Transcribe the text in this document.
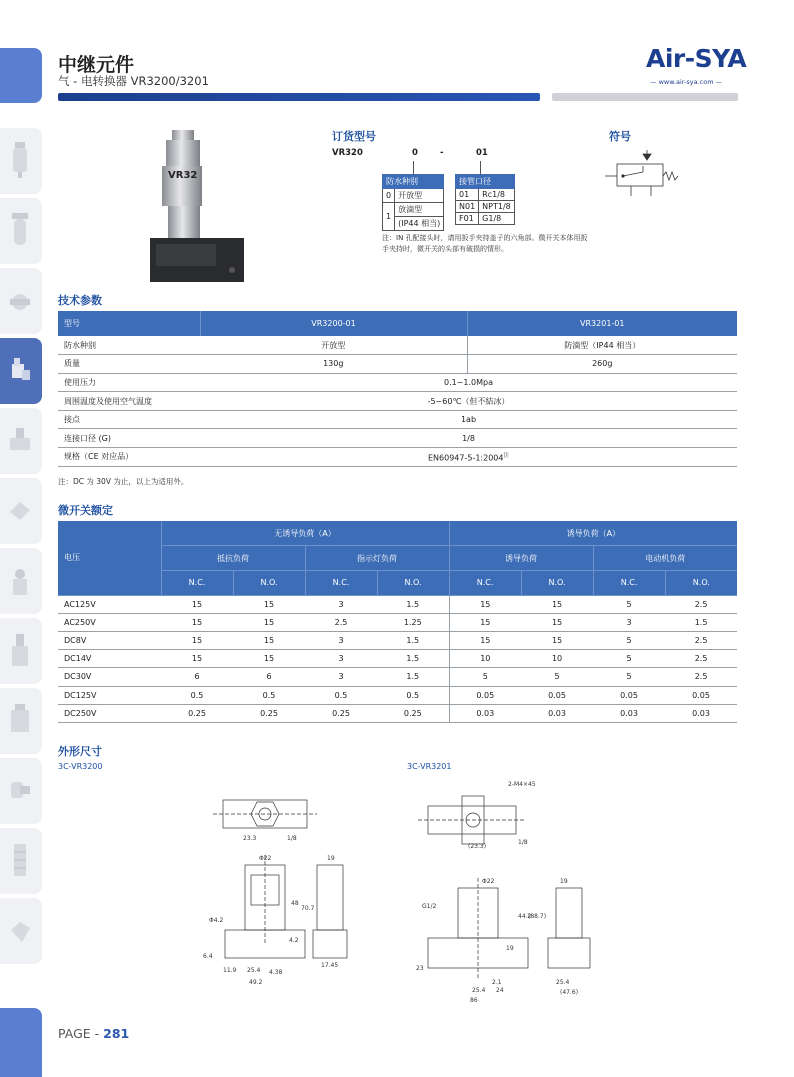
中继元件
气 - 电转换器 VR3200/3201
Air-SYA
— www.air-sya.com —
VR32
订货型号
VR320	0	-	01
防水种别	
0	开放型
1	放滴型
	(IP44 相当)
接管口径	
01	Rc1/8
N01	NPT1/8
F01	G1/8
注：IN 孔配接头时，请用扳手夹持盖子的六角部。微开关本体用扳手夹持时，微开关的头部有破损的情形。
符号
技术参数
型号	VR3200-01	VR3201-01
防水种别	开放型	防滴型（IP44 相当）
质量	130g	260g
使用压力	0.1~1.0Mpa	
周围温度及使用空气温度	-5~60℃（但不結冰）	
接点	1ab	
连接口径 (G)	1/8	
规格（CE 对应品）	$EN60947-5-1:2004^注$
注：DC 为 30V 为止，以上为适用外。
微开关额定
电压	无诱导负荷（A）				诱导负荷（A）			
	抵抗负荷		指示灯负荷		诱导负荷		电动机负荷	
	N.C.	N.O.	N.C.	N.O.	N.C.	N.O.	N.C.	N.O.
AC125V	15	15	3	1.5	15	15	5	2.5
AC250V	15	15	2.5	1.25	15	15	3	1.5
DC8V	15	15	3	1.5	15	15	5	2.5
DC14V	15	15	3	1.5	10	10	5	2.5
DC30V	6	6	3	1.5	5	5	5	2.5
DC125V	0.5	0.5	0.5	0.5	0.05	0.05	0.05	0.05
DC250V	0.25	0.25	0.25	0.25	0.03	0.03	0.03	0.03
外形尺寸
3C-VR3200	3C-VR3201
23.3	1/8
Φ22	19
48
70.7
Φ4.2
6.4
4.2
11.9 25.4 4.38
49.2
17.45
2-M4×45
(23.3)
1/8
Φ22	19
G1/2
44.2
(88.7)
19
23
2.1
25.4 24
86
25.4
(47.6)
PAGE - 281
